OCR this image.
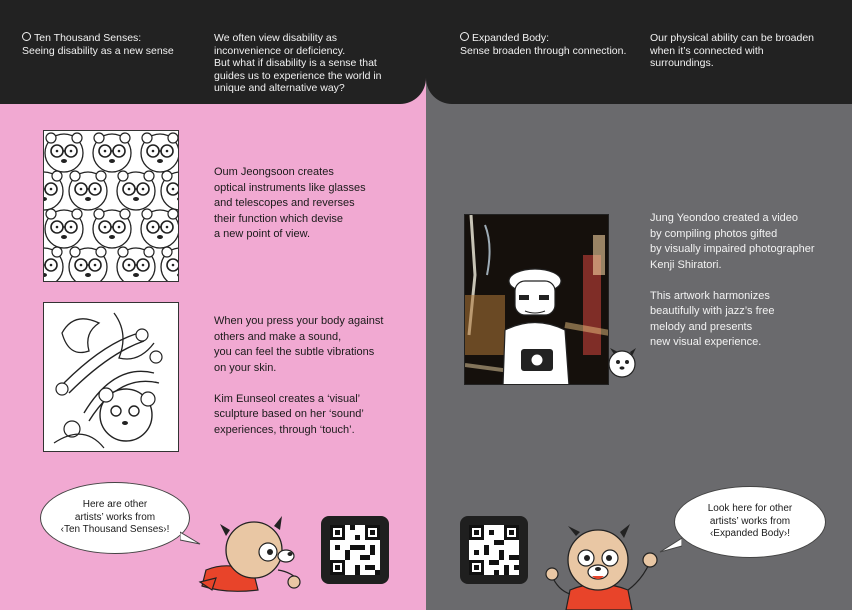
Ten Thousand Senses:
Seeing disability as a new sense
We often view disability as
inconvenience or deficiency.
But what if disability is a sense that
guides us to experience the world in
unique and alternative way?
Oum Jeongsoon creates
optical instruments like glasses
and telescopes and reverses
their function which devise
a new point of view.
When you press your body against
others and make a sound,
you can feel the subtle vibrations
on your skin.

Kim Eunseol creates a ‘visual’
sculpture based on her ‘sound’
experiences, through ‘touch’.
Here are other
artists’ works from
‹Ten Thousand Senses›!
Expanded Body:
Sense broaden through connection.
Our physical ability can be broaden
when it’s connected with
surroundings.
Jung Yeondoo created a video
by compiling photos gifted
by visually impaired photographer
Kenji Shiratori.

This artwork harmonizes
beautifully with jazz’s free
melody and presents
new visual experience.
Look here for other
artists’ works from
‹Expanded Body›!
